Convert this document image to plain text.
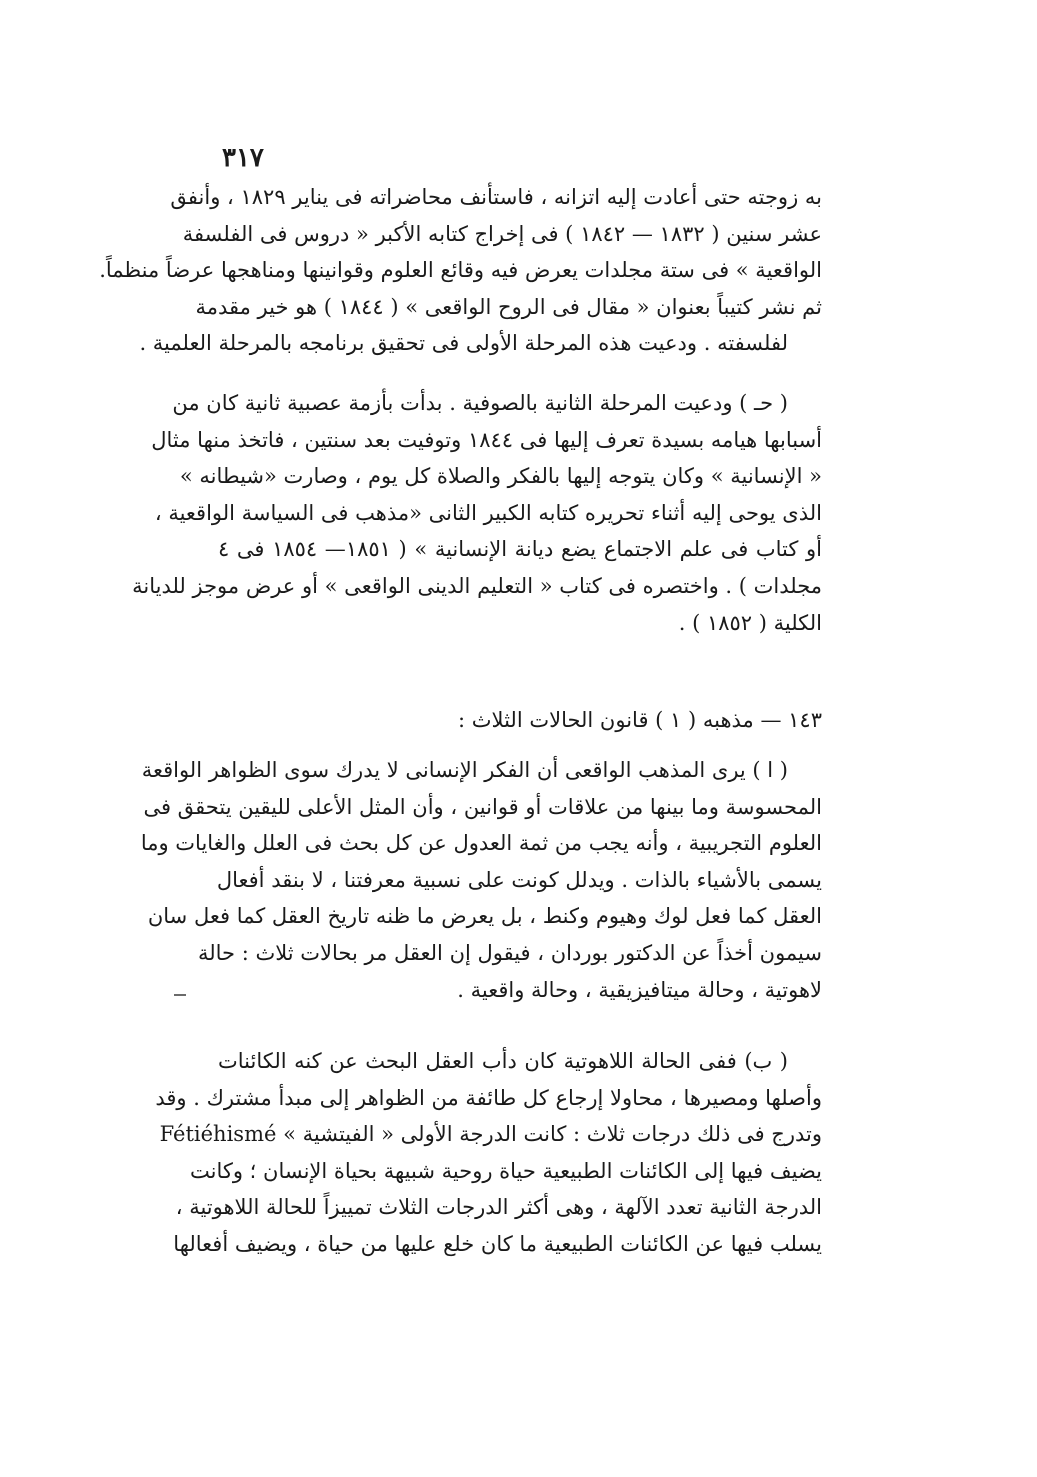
٣١٧
به زوجته حتى أعادت إليه اتزانه ، فاستأنف محاضراته فى يناير ١٨٢٩ ، وأنفق
عشر سنين ( ١٨٣٢ — ١٨٤٢ ) فى إخراج كتابه الأكبر « دروس فى الفلسفة
الواقعية » فى ستة مجلدات يعرض فيه وقائع العلوم وقوانينها ومناهجها عرضاً منظماً.
ثم نشر كتيباً بعنوان « مقال فى الروح الواقعى » ( ١٨٤٤ ) هو خير مقدمة
لفلسفته . ودعيت هذه المرحلة الأولى فى تحقيق برنامجه بالمرحلة العلمية .
( حـ ) ودعيت المرحلة الثانية بالصوفية . بدأت بأزمة عصبية ثانية كان من
أسبابها هيامه بسيدة تعرف إليها فى ١٨٤٤ وتوفيت بعد سنتين ، فاتخذ منها مثال
« الإنسانية » وكان يتوجه إليها بالفكر والصلاة كل يوم ، وصارت «شيطانه »
الذى يوحى إليه أثناء تحريره كتابه الكبير الثانى «مذهب فى السياسة الواقعية ،
أو كتاب فى علم الاجتماع يضع ديانة الإنسانية » ( ١٨٥١— ١٨٥٤ فى ٤
مجلدات ) . واختصره فى كتاب « التعليم الدينى الواقعى » أو عرض موجز للديانة
الكلية ( ١٨٥٢ ) .
١٤٣ — مذهبه ( ١ ) قانون الحالات الثلاث :
( ا ) يرى المذهب الواقعى أن الفكر الإنسانى لا يدرك سوى الظواهر الواقعة
المحسوسة وما بينها من علاقات أو قوانين ، وأن المثل الأعلى لليقين يتحقق فى
العلوم التجريبية ، وأنه يجب من ثمة العدول عن كل بحث فى العلل والغايات وما
يسمى بالأشياء بالذات . ويدلل كونت على نسبية معرفتنا ، لا بنقد أفعال
العقل كما فعل لوك وهيوم وكنط ، بل يعرض ما ظنه تاريخ العقل كما فعل سان
سيمون أخذاً عن الدكتور بوردان ، فيقول إن العقل مر بحالات ثلاث : حالة
لاهوتية ، وحالة ميتافيزيقية ، وحالة واقعية .
( ب) ففى الحالة اللاهوتية كان دأب العقل البحث عن كنه الكائنات
وأصلها ومصيرها ، محاولا إرجاع كل طائفة من الظواهر إلى مبدأ مشترك . وقد
وتدرج فى ذلك درجات ثلاث : كانت الدرجة الأولى « الفيتشية » Fétiéhismé
يضيف فيها إلى الكائنات الطبيعية حياة روحية شبيهة بحياة الإنسان ؛ وكانت
الدرجة الثانية تعدد الآلهة ، وهى أكثر الدرجات الثلاث تمييزاً للحالة اللاهوتية ،
يسلب فيها عن الكائنات الطبيعية ما كان خلع عليها من حياة ، ويضيف أفعالها
